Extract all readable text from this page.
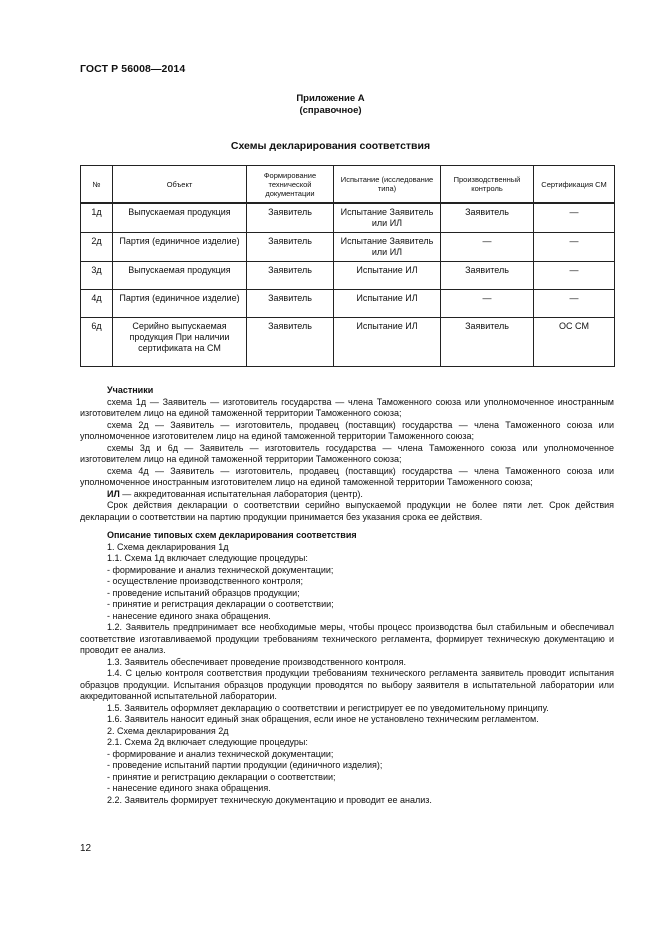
ГОСТ Р 56008—2014
Приложение А
(справочное)
Схемы декларирования соответствия
№	Объект	Формирование технической документации	Испытание (исследование типа)	Производственный контроль	Сертификация СМ
1д	Выпускаемая продукция	Заявитель	Испытание Заявитель или ИЛ	Заявитель	—
2д	Партия (единичное изделие)	Заявитель	Испытание Заявитель или ИЛ	—	—
3д	Выпускаемая продукция	Заявитель	Испытание ИЛ	Заявитель	—
4д	Партия (единичное изделие)	Заявитель	Испытание ИЛ	—	—
6д	Серийно выпускаемая продукция При наличии сертификата на СМ	Заявитель	Испытание ИЛ	Заявитель	ОС СМ

Участники

схема 1д — Заявитель — изготовитель государства — члена Таможенного союза или уполномоченное иностранным изготовителем лицо на единой таможенной территории Таможенного союза;

схема 2д — Заявитель — изготовитель, продавец (поставщик) государства — члена Таможенного союза или уполномоченное изготовителем лицо на единой таможенной территории Таможенного союза;

схемы 3д и 6д — Заявитель — изготовитель государства — члена Таможенного союза или уполномоченное изготовителем лицо на единой таможенной территории Таможенного союза;

схема 4д — Заявитель — изготовитель, продавец (поставщик) государства — члена Таможенного союза или уполномоченное иностранным изготовителем лицо на единой таможенной территории Таможенного союза;

ИЛ — аккредитованная испытательная лаборатория (центр).

Срок действия декларации о соответствии серийно выпускаемой продукции не более пяти лет. Срок действия декларации о соответствии на партию продукции принимается без указания срока ее действия.

Описание типовых схем декларирования соответствия

1. Схема декларирования 1д

1.1. Схема 1д включает следующие процедуры:

- формирование и анализ технической документации;

- осуществление производственного контроля;

- проведение испытаний образцов продукции;

- принятие и регистрация декларации о соответствии;

- нанесение единого знака обращения.

1.2. Заявитель предпринимает все необходимые меры, чтобы процесс производства был стабильным и обеспечивал соответствие изготавливаемой продукции требованиям технического регламента, формирует техническую документацию и проводит ее анализ.

1.3. Заявитель обеспечивает проведение производственного контроля.

1.4. С целью контроля соответствия продукции требованиям технического регламента заявитель проводит испытания образцов продукции. Испытания образцов продукции проводятся по выбору заявителя в испытательной лаборатории или аккредитованной испытательной лаборатории.

1.5. Заявитель оформляет декларацию о соответствии и регистрирует ее по уведомительному принципу.

1.6. Заявитель наносит единый знак обращения, если иное не установлено техническим регламентом.

2. Схема декларирования 2д

2.1. Схема 2д включает следующие процедуры:

- формирование и анализ технической документации;

- проведение испытаний партии продукции (единичного изделия);

- принятие и регистрацию декларации о соответствии;

- нанесение единого знака обращения.

2.2. Заявитель формирует техническую документацию и проводит ее анализ.

12
